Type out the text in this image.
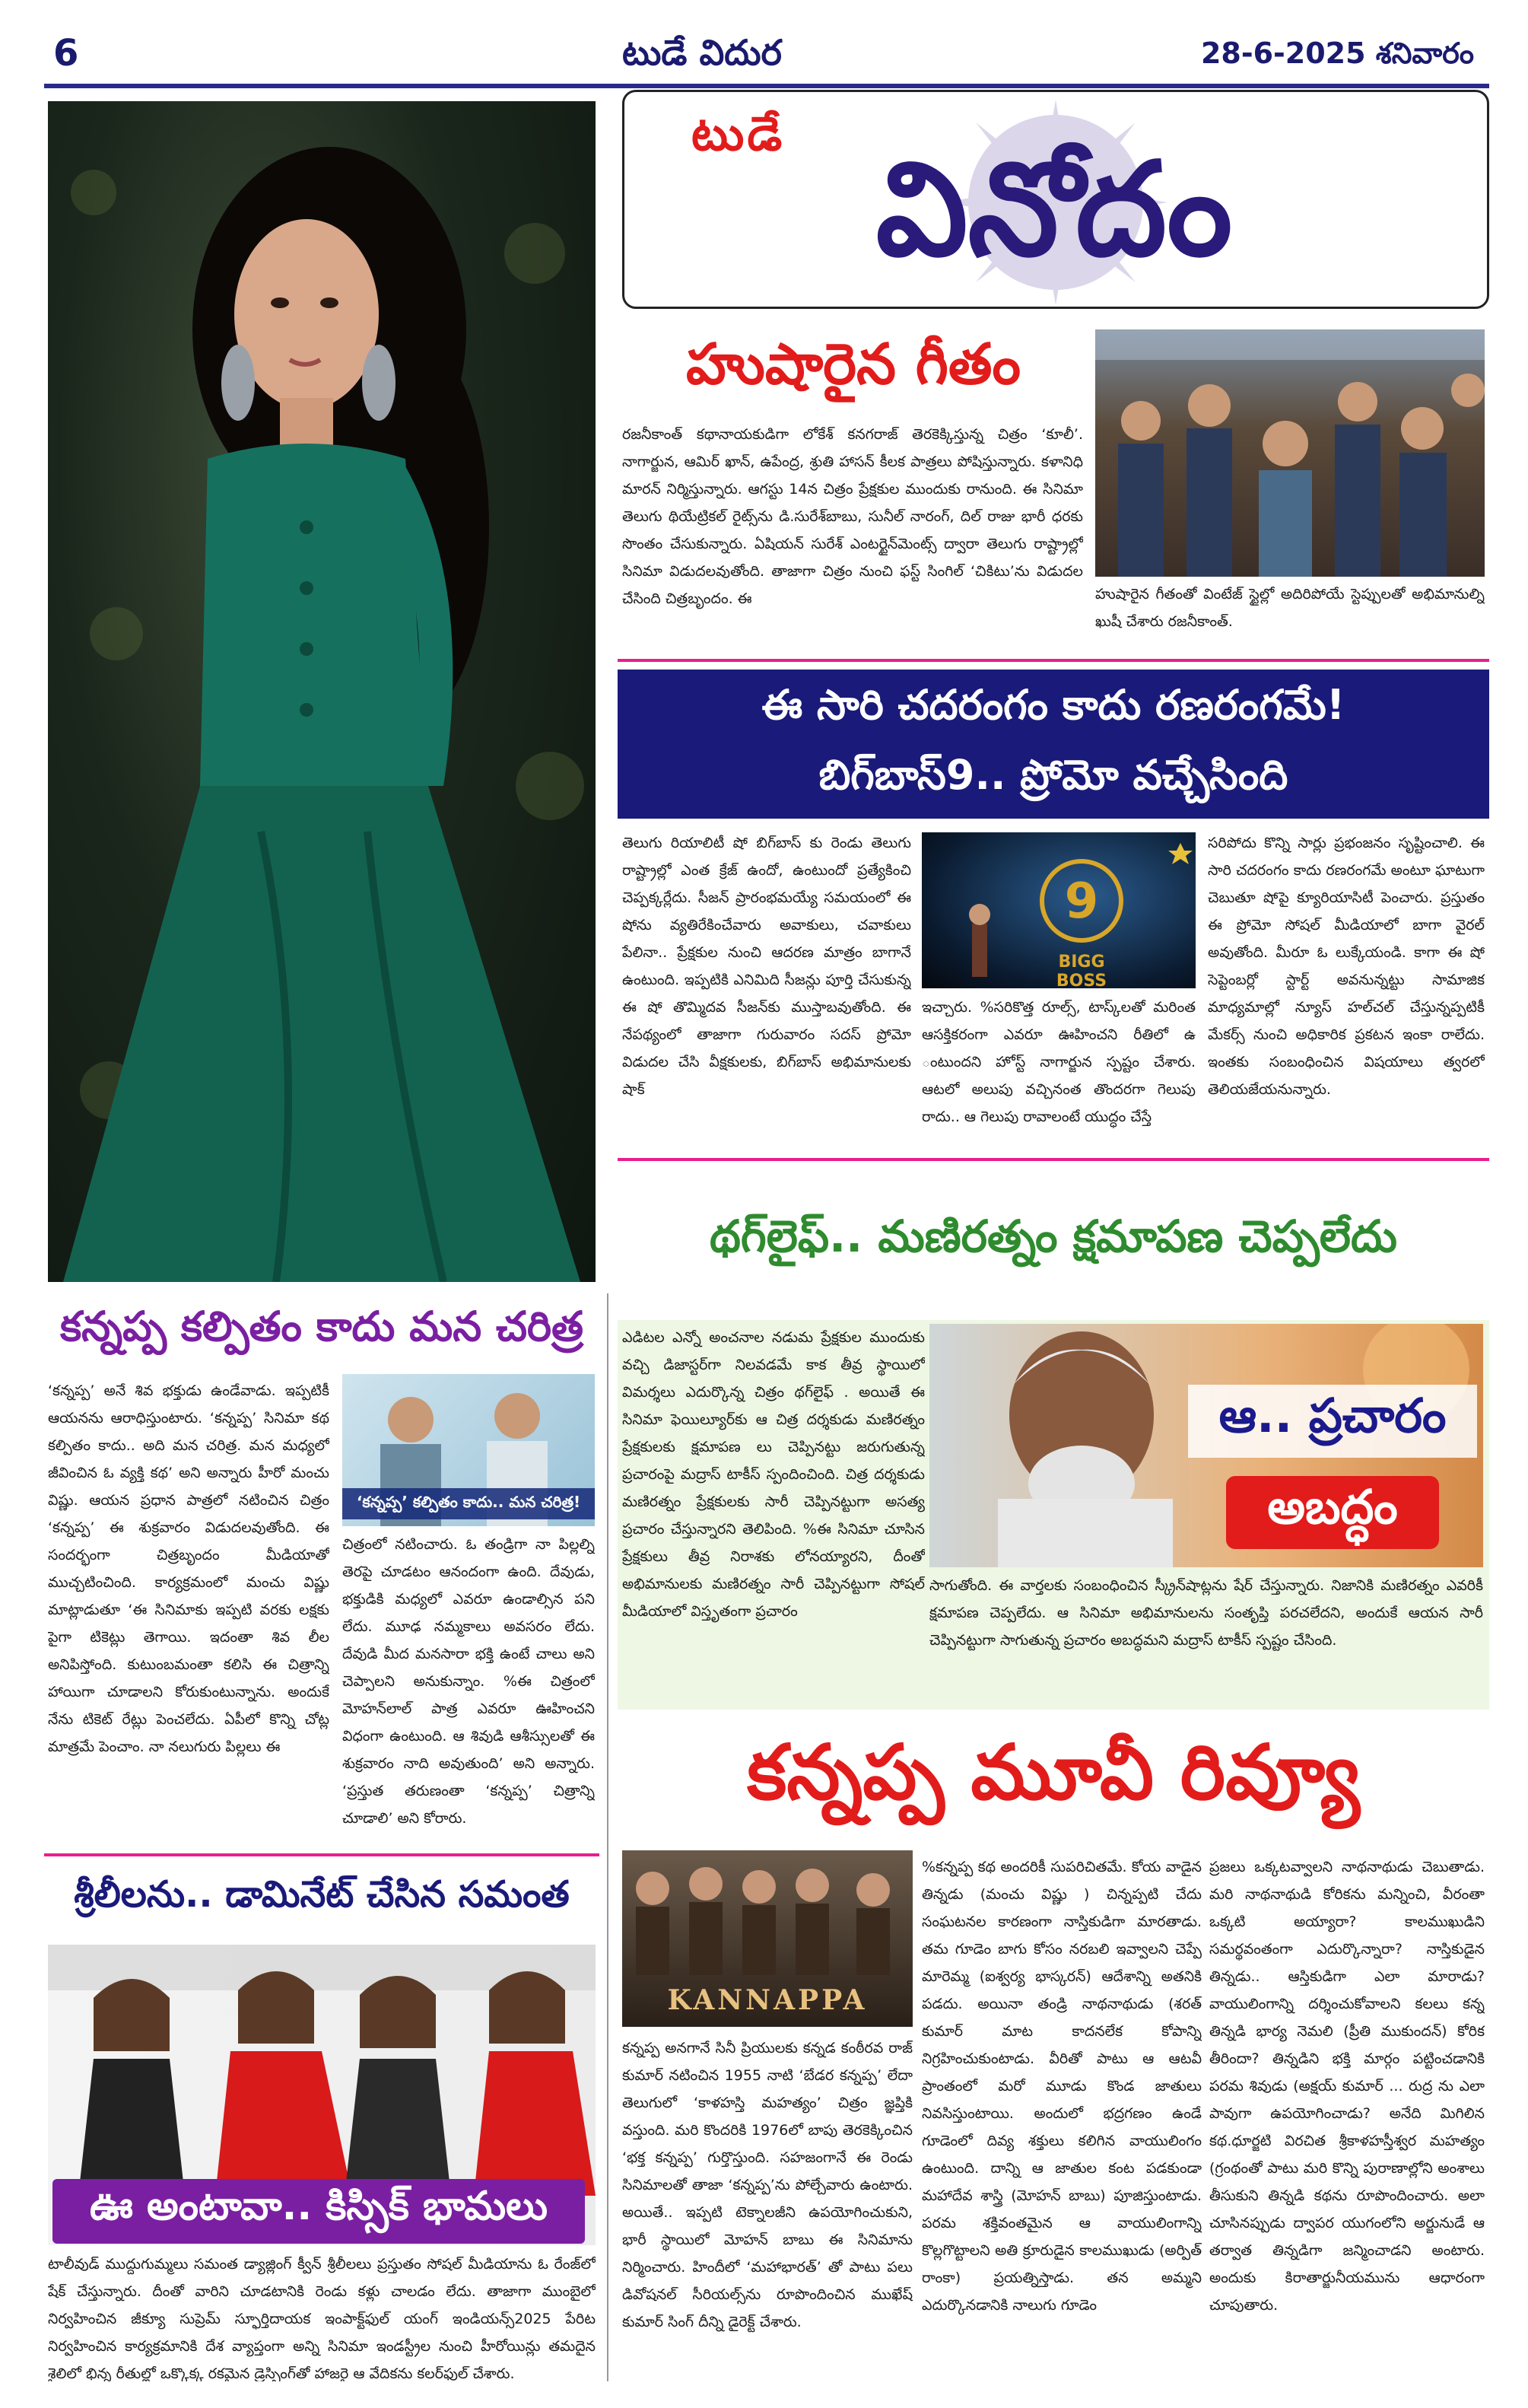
6	టుడే విదుర	28-6-2025 శనివారం
టుడే
వినోదం
హుషారైన గీతం
రజనీకాంత్ కథానాయకుడిగా లోకేశ్ కనగరాజ్ తెరకెక్కిస్తున్న చిత్రం ‘కూలీ’. నాగార్జున, ఆమిర్ ఖాన్, ఉపేంద్ర, శ్రుతి హాసన్ కీలక పాత్రలు పోషిస్తున్నారు. కళానిధి మారన్ నిర్మిస్తున్నారు. ఆగస్టు 14న చిత్రం ప్రేక్షకుల ముందుకు రానుంది. ఈ సినిమా తెలుగు థియేట్రికల్ రైట్స్‌ను డి.సురేశ్‌బాబు, సునీల్ నారంగ్, దిల్ రాజు భారీ ధరకు సొంతం చేసుకున్నారు. ఏషియన్ సురేశ్ ఎంటర్టైన్‌మెంట్స్ ద్వారా తెలుగు రాష్ట్రాల్లో సినిమా విడుదలవుతోంది. తాజాగా చిత్రం నుంచి ఫస్ట్ సింగిల్ ‘చికిటు’ను విడుదల చేసింది చిత్రబృందం. ఈ	హుషారైన గీతంతో వింటేజ్ స్టైల్లో అదిరిపోయే స్టెప్పులతో అభిమానుల్ని ఖుషీ చేశారు రజనీకాంత్.
ఈ సారి చదరంగం కాదు రణరంగమే!
బిగ్‌బాస్‌9.. ప్రోమో వచ్చేసింది
తెలుగు రియాలిటీ షో బిగ్‌బాస్ కు రెండు తెలుగు రాష్ట్రాల్లో ఎంత క్రేజ్ ఉందో, ఉంటుందో ప్రత్యేకించి చెప్పక్కర్లేదు. సీజన్ ప్రారంభమయ్యే సమయంలో ఈ షోను వ్యతిరేకించేవారు అవాకులు, చవాకులు పేలినా.. ప్రేక్షకుల నుంచి ఆదరణ మాత్రం బాగానే ఉంటుంది. ఇప్పటికి ఎనిమిది సీజన్లు పూర్తి చేసుకున్న ఈ షో తొమ్మిదవ సీజన్‌కు ముస్తాబవుతోంది. ఈ నేపథ్యంలో తాజాగా గురువారం సదస్ ప్రోమో విడుదల చేసి వీక్షకులకు, బిగ్‌బాస్ అభిమానులకు షాక్
9
BIGG BOSS
ఇచ్చారు. %సరికొత్త రూల్స్, టాస్క్‌లతో మరింత ఆసక్తికరంగా ఎవరూ ఊహించని రీతిలో ఉ ంటుందని హోస్ట్ నాగార్జున స్పష్టం చేశారు. ఆటలో అలుపు వచ్చినంత తొందరగా గెలుపు రాదు.. ఆ గెలుపు రావాలంటే యుద్ధం చేస్తే
సరిపోదు కొన్ని సార్లు ప్రభంజనం సృష్టించాలి. ఈ సారి చదరంగం కాదు రణరంగమే అంటూ ఘాటుగా చెబుతూ షోపై క్యూరియాసిటీ పెంచారు. ప్రస్తుతం ఈ ప్రోమో సోషల్ మీడియాలో బాగా వైరల్ అవుతోంది. మీరూ ఓ లుక్కేయండి. కాగా ఈ షో సెప్టెంబర్లో స్టార్ట్ అవనున్నట్టు సామాజిక మాధ్యమాల్లో న్యూస్ హల్‌చల్ చేస్తున్నప్పటికీ మేకర్స్ నుంచి అధికారిక ప్రకటన ఇంకా రాలేదు. ఇంతకు సంబంధించిన విషయాలు త్వరలో తెలియజేయనున్నారు.
థగ్‌లైఫ్.. మణిరత్నం క్షమాపణ చెప్పలేదు
ఎడిటల ఎన్నో అంచనాల నడుమ ప్రేక్షకుల ముందుకు వచ్చి డిజాస్టర్‌గా నిలవడమే కాక తీవ్ర స్థాయిలో విమర్శలు ఎదుర్కొన్న చిత్రం థగ్‌లైఫ్ . అయితే ఈ సినిమా ఫెయిల్యూర్‌కు ఆ చిత్ర దర్శకుడు మణిరత్నం ప్రేక్షకులకు క్షమాపణ లు చెప్పినట్టు జరుగుతున్న ప్రచారంపై మద్రాస్ టాకీస్ స్పందించింది. చిత్ర దర్శకుడు మణిరత్నం ప్రేక్షకులకు సారీ చెప్పినట్టుగా అసత్య ప్రచారం చేస్తున్నారని తెలిపింది. %ఈ సినిమా చూసిన ప్రేక్షకులు తీవ్ర నిరాశకు లోనయ్యారని, దీంతో అభిమానులకు మణిరత్నం సారీ చెప్పినట్టుగా సోషల్ మీడియాలో విస్తృతంగా ప్రచారం
ఆ.. ప్రచారం
అబద్ధం
సాగుతోంది. ఈ వార్తలకు సంబంధించిన స్క్రీన్‌షాట్లను షేర్ చేస్తున్నారు. నిజానికి మణిరత్నం ఎవరికీ క్షమాపణ చెప్పలేదు. ఆ సినిమా అభిమానులను సంతృప్తి పరచలేదని, అందుకే ఆయన సారీ చెప్పినట్టుగా సాగుతున్న ప్రచారం అబద్ధమని మద్రాస్ టాకీస్ స్పష్టం చేసింది.
కన్నప్ప కల్పితం కాదు మన చరిత్ర
‘కన్నప్ప’ అనే శివ భక్తుడు ఉండేవాడు. ఇప్పటికీ ఆయనను ఆరాధిస్తుంటారు. ‘కన్నప్ప’ సినిమా కథ కల్పితం కాదు.. అది మన చరిత్ర. మన మధ్యలో జీవించిన ఓ వ్యక్తి కథ’ అని అన్నారు హీరో మంచు విష్ణు. ఆయన ప్రధాన పాత్రలో నటించిన చిత్రం ‘కన్నప్ప’ ఈ శుక్రవారం విడుదలవుతోంది. ఈ సందర్భంగా చిత్రబృందం మీడియాతో ముచ్చటించింది. కార్యక్రమంలో మంచు విష్ణు మాట్లాడుతూ ‘ఈ సినిమాకు ఇప్పటి వరకు లక్షకు పైగా టికెట్లు తెగాయి. ఇదంతా శివ లీల అనిపిస్తోంది. కుటుంబమంతా కలిసి ఈ చిత్రాన్ని హాయిగా చూడాలని కోరుకుంటున్నాను. అందుకే నేను టికెట్ రేట్లు పెంచలేదు. ఏపీలో కొన్ని చోట్ల మాత్రమే పెంచాం. నా నలుగురు పిల్లలు ఈ
‘కన్నప్ప’ కల్పితం కాదు.. మన చరిత్ర!
చిత్రంలో నటించారు. ఓ తండ్రిగా నా పిల్లల్ని తెరపై చూడటం ఆనందంగా ఉంది. దేవుడు, భక్తుడికి మధ్యలో ఎవరూ ఉండాల్సిన పని లేదు. మూఢ నమ్మకాలు అవసరం లేదు. దేవుడి మీద మనసారా భక్తి ఉంటే చాలు అని చెప్పాలని అనుకున్నాం. %ఈ చిత్రంలో మోహన్‌లాల్ పాత్ర ఎవరూ ఊహించని విధంగా ఉంటుంది. ఆ శివుడి ఆశీస్సులతో ఈ శుక్రవారం నాది అవుతుంది’ అని అన్నారు. ‘ప్రస్తుత తరుణంతా ‘కన్నప్ప’ చిత్రాన్ని చూడాలి’ అని కోరారు.
కన్నప్ప మూవీ రివ్యూ
KANNAPPA
కన్నప్ప అనగానే సినీ ప్రియులకు కన్నడ కంఠీరవ రాజ్ కుమార్ నటించిన 1955 నాటి ‘బేడర కన్నప్ప’ లేదా తెలుగులో ‘కాళహస్తి మహత్యం’ చిత్రం జ్ఞప్తికి వస్తుంది. మరి కొందరికి 1976లో బాపు తెరకెక్కించిన ‘భక్త కన్నప్ప’ గుర్తొస్తుంది. సహజంగానే ఈ రెండు సినిమాలతో తాజా ‘కన్నప్ప’ను పోల్చేవారు ఉంటారు. అయితే.. ఇప్పటి టెక్నాలజీని ఉపయోగించుకుని, భారీ స్థాయిలో మోహన్ బాబు ఈ సినిమాను నిర్మించారు. హిందీలో ‘మహాభారత్’ తో పాటు పలు డివోషనల్ సీరియల్స్‌ను రూపొందించిన ముఖేష్ కుమార్ సింగ్ దీన్ని డైరెక్ట్ చేశారు.
%కన్నప్ప కథ అందరికీ సుపరిచితమే. కోయ వాడైన తిన్నడు (మంచు విష్ణు ) చిన్నప్పటి చేదు సంఘటనల కారణంగా నాస్తికుడిగా మారతాడు. తమ గూడెం బాగు కోసం నరబలి ఇవ్వాలని చెప్పే మారెమ్మ (ఐశ్వర్య భాస్కరన్) ఆదేశాన్ని అతనికి పడదు. అయినా తండ్రి నాథనాథుడు (శరత్ కుమార్ మాట కాదనలేక కోపాన్ని నిగ్రహించుకుంటాడు. వీరితో పాటు ఆ ఆటవీ ప్రాంతంలో మరో మూడు కొండ జాతులు నివసిస్తుంటాయి. అందులో భద్రగణం ఉండే గూడెంలో దివ్య శక్తులు కలిగిన వాయులింగం ఉంటుంది. దాన్ని ఆ జాతుల కంట పడకుండా మహాదేవ శాస్త్రి (మోహన్ బాబు) పూజిస్తుంటాడు. పరమ శక్తివంతమైన ఆ వాయులింగాన్ని కొల్లగొట్టాలని అతి క్రూరుడైన కాలముఖుడు (అర్పిత్ రాంకా) ప్రయత్నిస్తాడు. తన అమ్మని ఎదుర్కొనడానికి నాలుగు గూడెం
ప్రజలు ఒక్కటవ్వాలని నాథనాథుడు చెబుతాడు. మరి నాథనాథుడి కోరికను మన్నించి, వీరంతా ఒక్కటి అయ్యారా? కాలముఖుడిని సమర్థవంతంగా ఎదుర్కొన్నారా? నాస్తికుడైన తిన్నడు.. ఆస్తికుడిగా ఎలా మారాడు? వాయులింగాన్ని దర్శించుకోవాలని కలలు కన్న తిన్నడి భార్య నెమలి (ప్రీతి ముకుందన్) కోరిక తీరిందా? తిన్నడిని భక్తి మార్గం పట్టించడానికి పరమ శివుడు (అక్షయ్ కుమార్ ... రుద్ర ను ఎలా పావుగా ఉపయోగించాడు? అనేది మిగిలిన కథ.ధూర్జటి విరచిత శ్రీకాళహస్తీశ్వర మహత్యం (గ్రంథంతో పాటు మరి కొన్ని పురాణాల్లోని అంశాలు తీసుకుని తిన్నడి కథను రూపొందించారు. అలా చూసినప్పుడు ద్వాపర యుగంలోని అర్జునుడే ఆ తర్వాత తిన్నడిగా జన్మించాడని అంటారు. అందుకు కిరాతార్జునీయమును ఆధారంగా చూపుతారు.
శ్రీలీలను.. డామినేట్ చేసిన సమంత
ఊ అంటావా.. కిస్సిక్ భామలు
టాలీవుడ్ ముద్దుగుమ్మలు సమంత డ్యాజ్లింగ్ క్వీన్ శ్రీలీలలు ప్రస్తుతం సోషల్ మీడియాను ఓ రేంజ్‌లో షేక్ చేస్తున్నారు. దీంతో వారిని చూడటానికి రెండు కళ్లు చాలడం లేదు. తాజాగా ముంబైలో నిర్వహించిన జీక్యూ సుప్రెమ్ స్ఫూర్తిదాయక ఇంపాక్ట్‌ఫుల్ యంగ్ ఇండియన్స్2025 పేరిట నిర్వహించిన కార్యక్రమానికి దేశ వ్యాప్తంగా అన్ని సినిమా ఇండస్ట్రీల నుంచి హీరోయిన్లు తమదైన శైలిలో భిన్న రీతుల్లో ఒక్కొక్క రకమైన డ్రెస్సింగ్‌తో హాజరై ఆ వేదికను కలర్‌ఫుల్ చేశారు.
